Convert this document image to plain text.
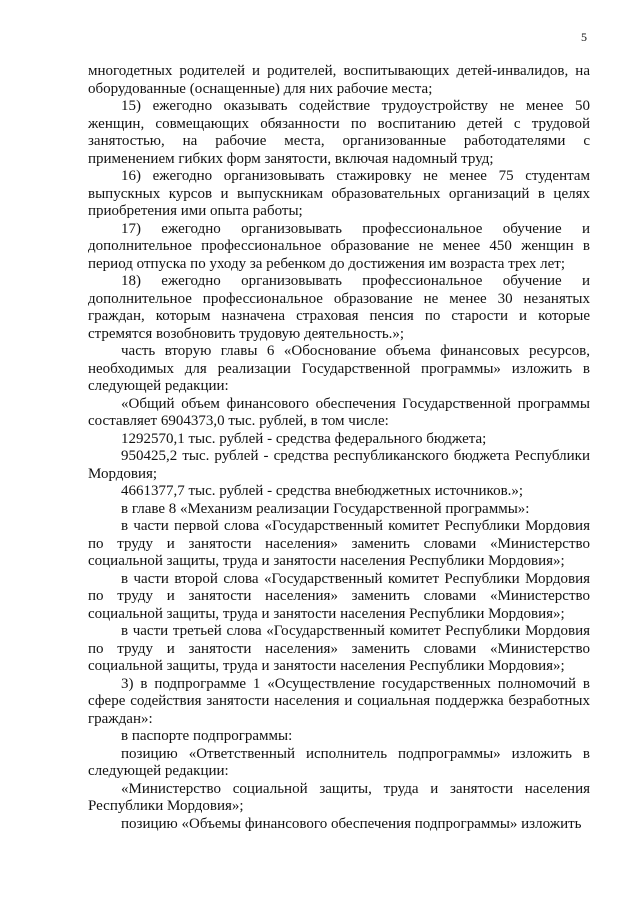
5

многодетных родителей и родителей, воспитывающих детей-инвалидов, на оборудованные (оснащенные) для них рабочие места;

15) ежегодно оказывать содействие трудоустройству не менее 50 женщин, совмещающих обязанности по воспитанию детей с трудовой занятостью, на рабочие места, организованные работодателями с применением гибких форм занятости, включая надомный труд;

16) ежегодно организовывать стажировку не менее 75 студентам выпускных курсов и выпускникам образовательных организаций в целях приобретения ими опыта работы;

17) ежегодно организовывать профессиональное обучение и дополнительное профессиональное образование не менее 450 женщин в период отпуска по уходу за ребенком до достижения им возраста трех лет;

18) ежегодно организовывать профессиональное обучение и дополнительное профессиональное образование не менее 30 незанятых граждан, которым назначена страховая пенсия по старости и которые стремятся возобновить трудовую деятельность.»;

часть вторую главы 6 «Обоснование объема финансовых ресурсов, необходимых для реализации Государственной программы» изложить в следующей редакции:

«Общий объем финансового обеспечения Государственной программы составляет 6904373,0 тыс. рублей, в том числе:

1292570,1 тыс. рублей - средства федерального бюджета;

950425,2 тыс. рублей - средства республиканского бюджета Республики Мордовия;

4661377,7 тыс. рублей - средства внебюджетных источников.»;

в главе 8 «Механизм реализации Государственной программы»:

в части первой слова «Государственный комитет Республики Мордовия по труду и занятости населения» заменить словами «Министерство социальной защиты, труда и занятости населения Республики Мордовия»;

в части второй слова «Государственный комитет Республики Мордовия по труду и занятости населения» заменить словами «Министерство социальной защиты, труда и занятости населения Республики Мордовия»;

в части третьей слова «Государственный комитет Республики Мордовия по труду и занятости населения» заменить словами «Министерство социальной защиты, труда и занятости населения Республики Мордовия»;

3) в подпрограмме 1 «Осуществление государственных полномочий в сфере содействия занятости населения и социальная поддержка безработных граждан»:

в паспорте подпрограммы:

позицию «Ответственный исполнитель подпрограммы» изложить в следующей редакции:

«Министерство социальной защиты, труда и занятости населения Республики Мордовия»;

позицию «Объемы финансового обеспечения подпрограммы» изложить
